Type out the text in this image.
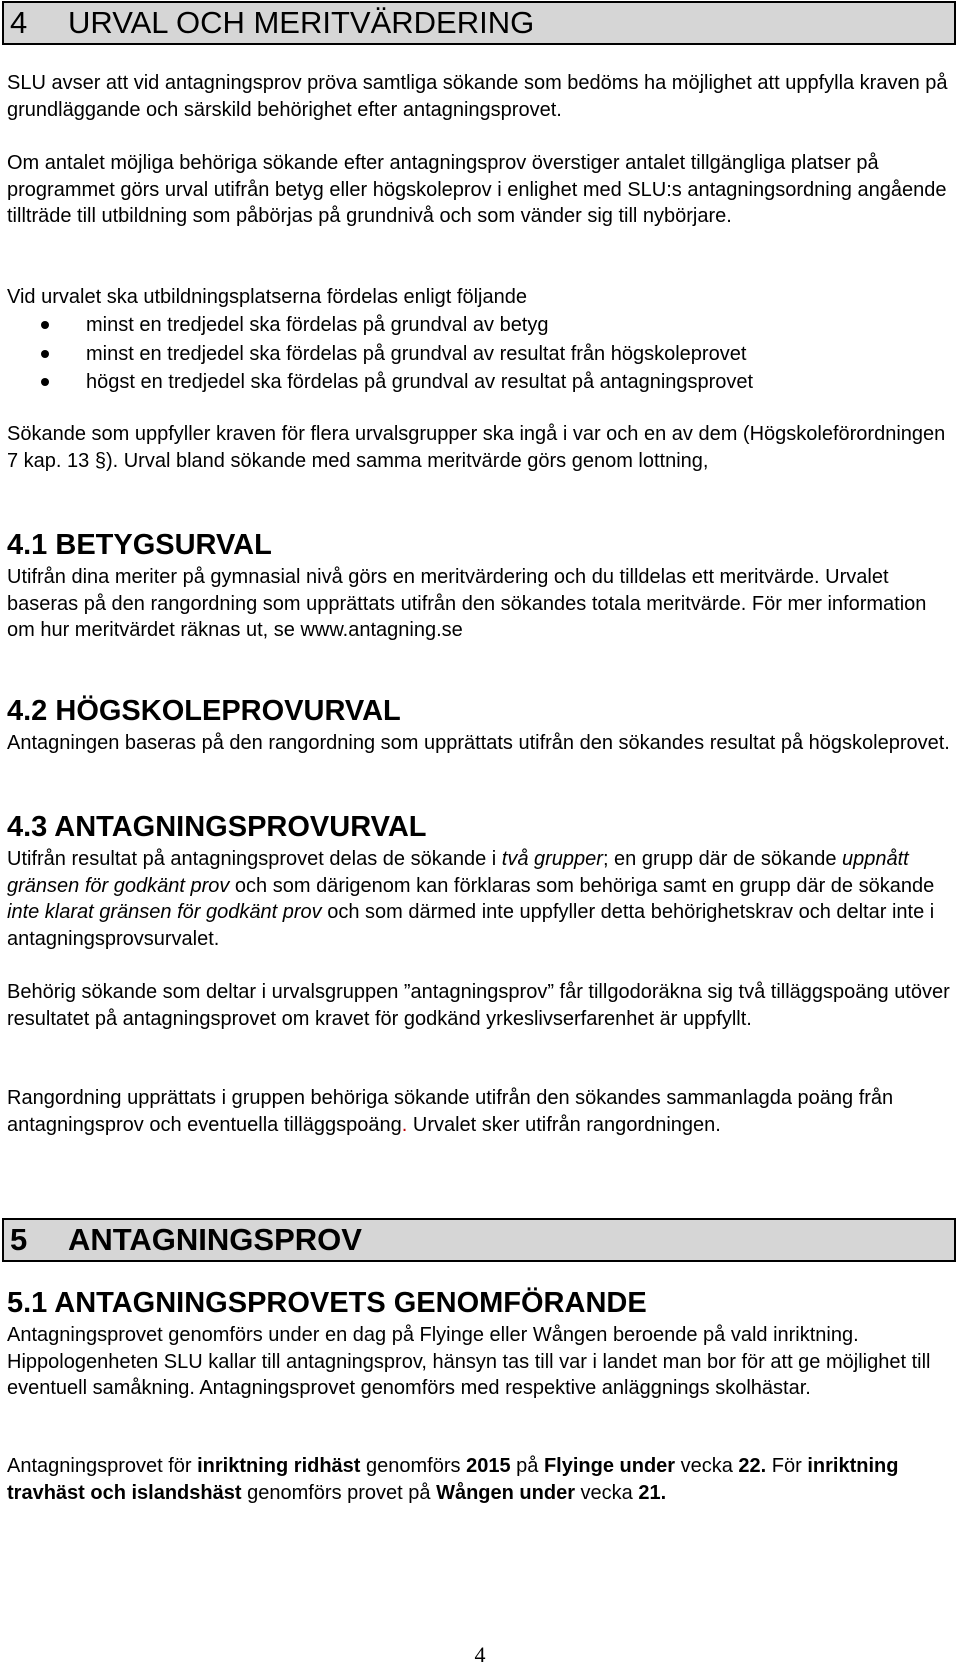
4 URVAL OCH MERITVÄRDERING

SLU avser att vid antagningsprov pröva samtliga sökande som bedöms ha möjlighet att uppfylla kraven på grundläggande och särskild behörighet efter antagningsprovet.

Om antalet möjliga behöriga sökande efter antagningsprov överstiger antalet tillgängliga platser på programmet görs urval utifrån betyg eller högskoleprov i enlighet med SLU:s antagningsordning angående tillträde till utbildning som påbörjas på grundnivå och som vänder sig till nybörjare.

Vid urvalet ska utbildningsplatserna fördelas enligt följande

minst en tredjedel ska fördelas på grundval av betyg
minst en tredjedel ska fördelas på grundval av resultat från högskoleprovet
högst en tredjedel ska fördelas på grundval av resultat på antagningsprovet

Sökande som uppfyller kraven för flera urvalsgrupper ska ingå i var och en av dem (Högskoleförordningen 7 kap. 13 §). Urval bland sökande med samma meritvärde görs genom lottning,

4.1 BETYGSURVAL

Utifrån dina meriter på gymnasial nivå görs en meritvärdering och du tilldelas ett meritvärde. Urvalet baseras på den rangordning som upprättats utifrån den sökandes totala meritvärde. För mer information om hur meritvärdet räknas ut, se www.antagning.se

4.2 HÖGSKOLEPROVURVAL

Antagningen baseras på den rangordning som upprättats utifrån den sökandes resultat på högskoleprovet.

4.3 ANTAGNINGSPROVURVAL

Utifrån resultat på antagningsprovet delas de sökande i två grupper; en grupp där de sökande uppnått gränsen för godkänt prov och som därigenom kan förklaras som behöriga samt en grupp där de sökande inte klarat gränsen för godkänt prov och som därmed inte uppfyller detta behörighetskrav och deltar inte i antagningsprovsurvalet.

Behörig sökande som deltar i urvalsgruppen ”antagningsprov” får tillgodoräkna sig två tilläggspoäng utöver resultatet på antagningsprovet om kravet för godkänd yrkeslivserfarenhet är uppfyllt.

Rangordning upprättats i gruppen behöriga sökande utifrån den sökandes sammanlagda poäng från antagningsprov och eventuella tilläggspoäng. Urvalet sker utifrån rangordningen.

5 ANTAGNINGSPROV
5.1 ANTAGNINGSPROVETS GENOMFÖRANDE

Antagningsprovet genomförs under en dag på Flyinge eller Wången beroende på vald inriktning. Hippologenheten SLU kallar till antagningsprov, hänsyn tas till var i landet man bor för att ge möjlighet till eventuell samåkning. Antagningsprovet genomförs med respektive anläggnings skolhästar.

Antagningsprovet för inriktning ridhäst genomförs 2015 på Flyinge under vecka 22. För inriktning travhäst och islandshäst genomförs provet på Wången under vecka 21.

4
